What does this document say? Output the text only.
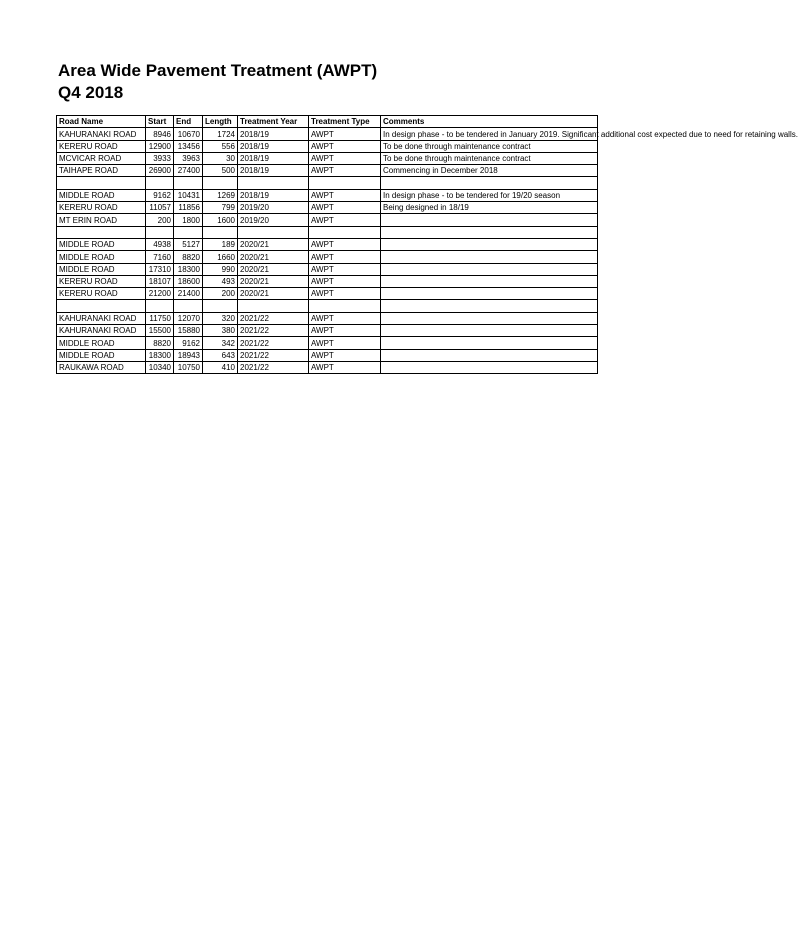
Area Wide Pavement Treatment (AWPT)
Q4 2018
Road Name	Start	End	Length	Treatment Year	Treatment Type	Comments
KAHURANAKI ROAD	8946	10670	1724	2018/19	AWPT	In design phase - to be tendered in January 2019. Significant additional cost expected due to need for retaining walls.
KERERU ROAD	12900	13456	556	2018/19	AWPT	To be done through maintenance contract
MCVICAR ROAD	3933	3963	30	2018/19	AWPT	To be done through maintenance contract
TAIHAPE ROAD	26900	27400	500	2018/19	AWPT	Commencing in December 2018

MIDDLE ROAD	9162	10431	1269	2018/19	AWPT	In design phase - to be tendered for 19/20 season
KERERU ROAD	11057	11856	799	2019/20	AWPT	Being designed in 18/19
MT ERIN ROAD	200	1800	1600	2019/20	AWPT	

MIDDLE ROAD	4938	5127	189	2020/21	AWPT	
MIDDLE ROAD	7160	8820	1660	2020/21	AWPT	
MIDDLE ROAD	17310	18300	990	2020/21	AWPT	
KERERU ROAD	18107	18600	493	2020/21	AWPT	
KERERU ROAD	21200	21400	200	2020/21	AWPT	

KAHURANAKI ROAD	11750	12070	320	2021/22	AWPT	
KAHURANAKI ROAD	15500	15880	380	2021/22	AWPT	
MIDDLE ROAD	8820	9162	342	2021/22	AWPT	
MIDDLE ROAD	18300	18943	643	2021/22	AWPT	
RAUKAWA ROAD	10340	10750	410	2021/22	AWPT	
